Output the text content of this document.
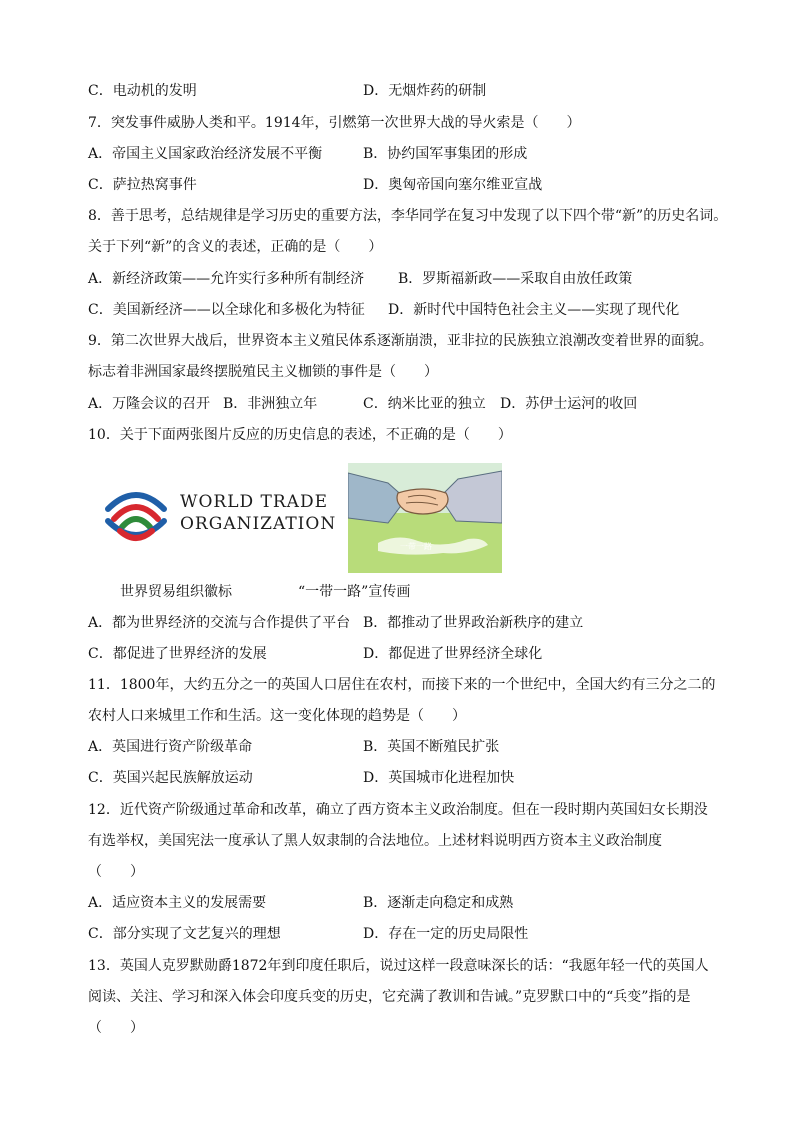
C．电动机的发明	D．无烟炸药的研制
7．突发事件威胁人类和平。1914年，引燃第一次世界大战的导火索是（　　）
A．帝国主义国家政治经济发展不平衡	B．协约国军事集团的形成
C．萨拉热窝事件	D．奥匈帝国向塞尔维亚宣战
8．善于思考，总结规律是学习历史的重要方法，李华同学在复习中发现了以下四个带“新”的历史名词。
关于下列“新”的含义的表述，正确的是（　　）
A．新经济政策——允许实行多种所有制经济 B．罗斯福新政——采取自由放任政策
C．美国新经济——以全球化和多极化为特征 D．新时代中国特色社会主义——实现了现代化
9．第二次世界大战后，世界资本主义殖民体系逐渐崩溃，亚非拉的民族独立浪潮改变着世界的面貌。
标志着非洲国家最终摆脱殖民主义枷锁的事件是（　　）
A．万隆会议的召开 B．非洲独立年	C．纳米比亚的独立 D．苏伊士运河的收回
10．关于下面两张图片反应的历史信息的表述，不正确的是（　　）
WORLD TRADE
ORGANIZATION
一带一路
世界贸易组织徽标	“一带一路”宣传画
A．都为世界经济的交流与合作提供了平台 B．都推动了世界政治新秩序的建立
C．都促进了世界经济的发展	D．都促进了世界经济全球化
11．1800年，大约五分之一的英国人口居住在农村，而接下来的一个世纪中，全国大约有三分之二的
农村人口来城里工作和生活。这一变化体现的趋势是（　　）
A．英国进行资产阶级革命	B．英国不断殖民扩张
C．英国兴起民族解放运动	D．英国城市化进程加快
12．近代资产阶级通过革命和改革，确立了西方资本主义政治制度。但在一段时期内英国妇女长期没
有选举权，美国宪法一度承认了黑人奴隶制的合法地位。上述材料说明西方资本主义政治制度
（　　）
A．适应资本主义的发展需要	B．逐渐走向稳定和成熟
C．部分实现了文艺复兴的理想	D．存在一定的历史局限性
13．英国人克罗默勋爵1872年到印度任职后，说过这样一段意味深长的话：“我愿年轻一代的英国人
阅读、关注、学习和深入体会印度兵变的历史，它充满了教训和告诫。”克罗默口中的“兵变”指的是
（　　）
